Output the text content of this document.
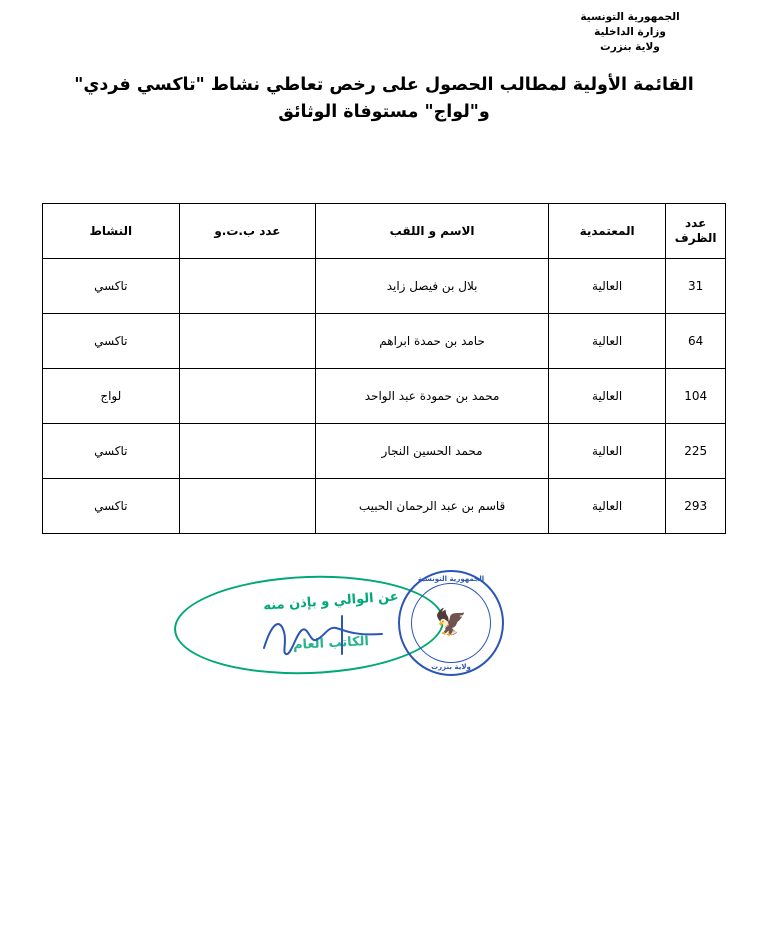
الجمهورية التونسية
وزارة الداخلية
ولاية بنزرت
القائمة الأولية لمطالب الحصول على رخص تعاطي نشاط "تاكسي فردي"
و"لواج" مستوفاة الوثائق
عدد
الظرف	المعتمدية	الاسم و اللقب	عدد ب.ت.و	النشاط
31	العالية	بلال بن فيصل زايد		تاكسي
64	العالية	حامد بن حمدة ابراهم		تاكسي
104	العالية	محمد بن حمودة عبد الواحد		لواج
225	العالية	محمد الحسين النجار		تاكسي
293	العالية	قاسم بن عبد الرحمان الحبيب		تاكسي
عن الوالي و بإذن منه
الكاتب العام
الجمهورية التونسية
ولاية بنزرت
🦅
